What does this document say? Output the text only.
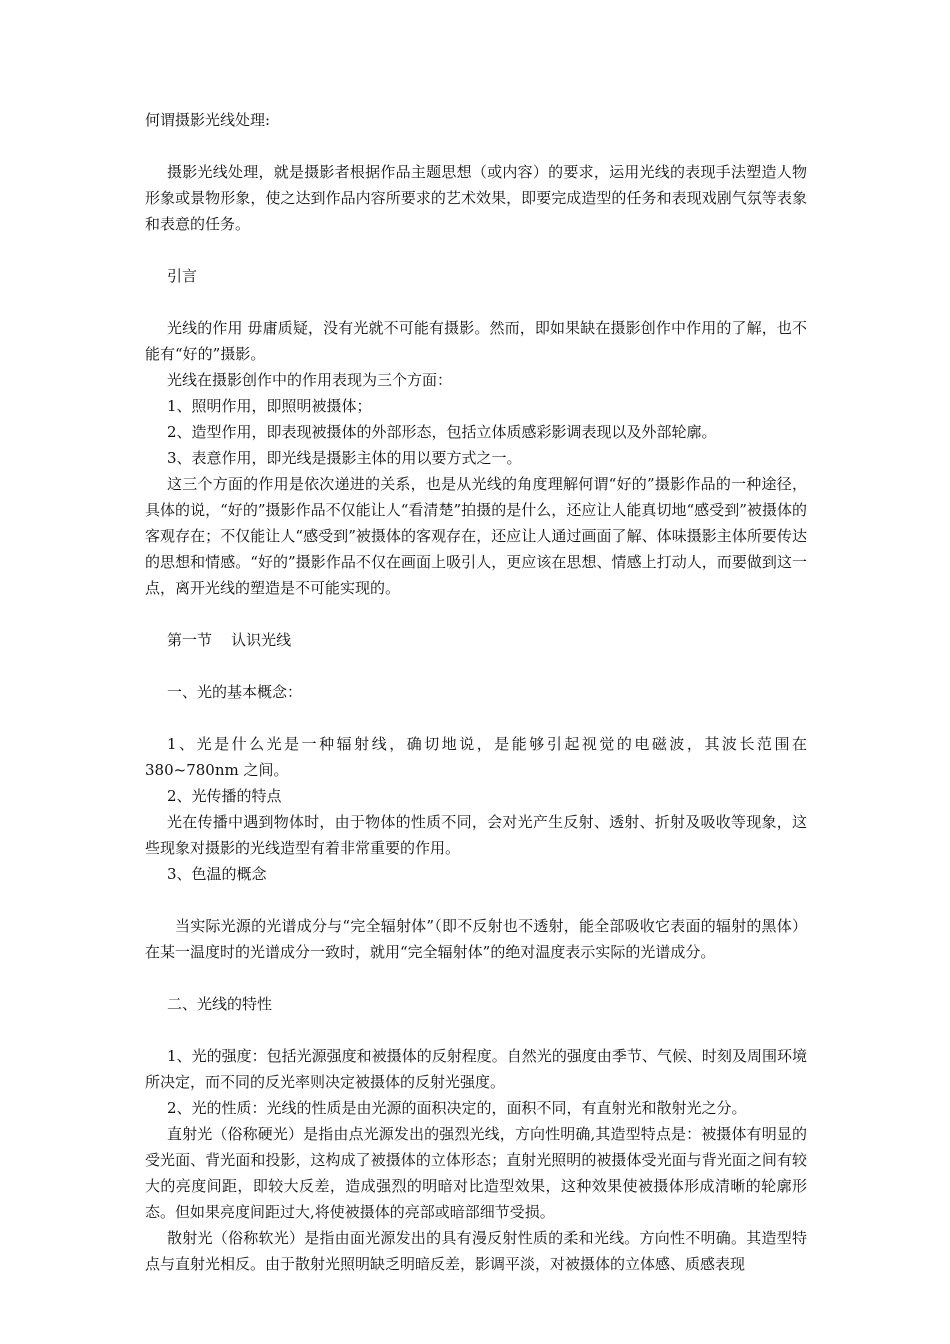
何谓摄影光线处理:

摄影光线处理，就是摄影者根据作品主题思想（或内容）的要求，运用光线的表现手法塑造人物形象或景物形象，使之达到作品内容所要求的艺术效果，即要完成造型的任务和表现戏剧气氛等表象和表意的任务。

引言

光线的作用 毋庸质疑，没有光就不可能有摄影。然而，即如果缺在摄影创作中作用的了解，也不能有“好的”摄影。

光线在摄影创作中的作用表现为三个方面：

1、照明作用，即照明被摄体；

2、造型作用，即表现被摄体的外部形态，包括立体质感彩影调表现以及外部轮廓。

3、表意作用，即光线是摄影主体的用以要方式之一。

这三个方面的作用是依次递进的关系，也是从光线的角度理解何谓“好的”摄影作品的一种途径，具体的说，“好的”摄影作品不仅能让人“看清楚”拍摄的是什么，还应让人能真切地“感受到”被摄体的客观存在；不仅能让人“感受到”被摄体的客观存在，还应让人通过画面了解、体味摄影主体所要传达的思想和情感。“好的”摄影作品不仅在画面上吸引人，更应该在思想、情感上打动人，而要做到这一点，离开光线的塑造是不可能实现的。

第一节    认识光线

一、光的基本概念：

1、光是什么光是一种辐射线，确切地说，是能够引起视觉的电磁波，其波长范围在 380~780nm 之间。

2、光传播的特点

光在传播中遇到物体时，由于物体的性质不同，会对光产生反射、透射、折射及吸收等现象，这些现象对摄影的光线造型有着非常重要的作用。

3、色温的概念

当实际光源的光谱成分与“完全辐射体”（即不反射也不透射，能全部吸收它表面的辐射的黑体）在某一温度时的光谱成分一致时，就用“完全辐射体”的绝对温度表示实际的光谱成分。

二、光线的特性

1、光的强度：包括光源强度和被摄体的反射程度。自然光的强度由季节、气候、时刻及周围环境所决定，而不同的反光率则决定被摄体的反射光强度。

2、光的性质：光线的性质是由光源的面积决定的，面积不同，有直射光和散射光之分。

直射光（俗称硬光）是指由点光源发出的强烈光线，方向性明确,其造型特点是：被摄体有明显的受光面、背光面和投影，这构成了被摄体的立体形态；直射光照明的被摄体受光面与背光面之间有较大的亮度间距，即较大反差，造成强烈的明暗对比造型效果，这种效果使被摄体形成清晰的轮廓形态。但如果亮度间距过大,将使被摄体的亮部或暗部细节受损。

散射光（俗称软光）是指由面光源发出的具有漫反射性质的柔和光线。方向性不明确。其造型特点与直射光相反。由于散射光照明缺乏明暗反差，影调平淡，对被摄体的立体感、质感表现
